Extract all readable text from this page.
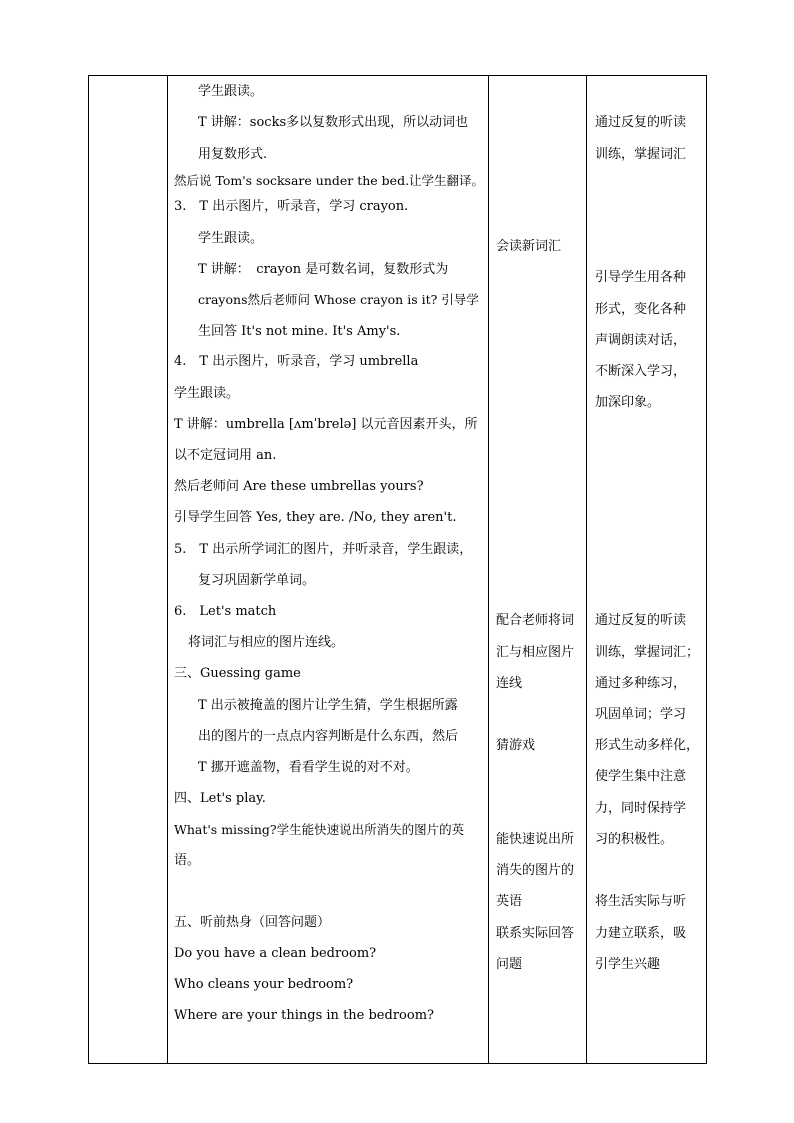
学生跟读。
T 讲解：socks多以复数形式出现，所以动词也
用复数形式.
然后说 Tom's socksare under the bed.让学生翻译。
3.　T 出示图片，听录音，学习 crayon.
学生跟读。
T 讲解：　crayon 是可数名词，复数形式为
crayons然后老师问 Whose crayon is it? 引导学
生回答 It's not mine. It's Amy's.
4.　T 出示图片，听录音，学习 umbrella
学生跟读。
T 讲解：umbrella [ʌmˈbrelə] 以元音因素开头，所
以不定冠词用 an.
然后老师问 Are these umbrellas yours?
引导学生回答 Yes, they are. /No, they aren't.
5.　T 出示所学词汇的图片，并听录音，学生跟读，
复习巩固新学单词。
6.　Let's match
将词汇与相应的图片连线。
三、Guessing game
T 出示被掩盖的图片让学生猜，学生根据所露
出的图片的一点点内容判断是什么东西，然后
T 挪开遮盖物，看看学生说的对不对。
四、Let's play.
What's missing?学生能快速说出所消失的图片的英
语。
五、听前热身（回答问题）
Do you have a clean bedroom?
Who cleans your bedroom?
Where are your things in the bedroom?
会读新词汇
配合老师将词
汇与相应图片
连线
猜游戏
能快速说出所
消失的图片的
英语
联系实际回答
问题
通过反复的听读
训练，掌握词汇
引导学生用各种
形式，变化各种
声调朗读对话，
不断深入学习，
加深印象。
通过反复的听读
训练，掌握词汇；
通过多种练习，
巩固单词；学习
形式生动多样化，
使学生集中注意
力，同时保持学
习的积极性。
将生活实际与听
力建立联系，吸
引学生兴趣
